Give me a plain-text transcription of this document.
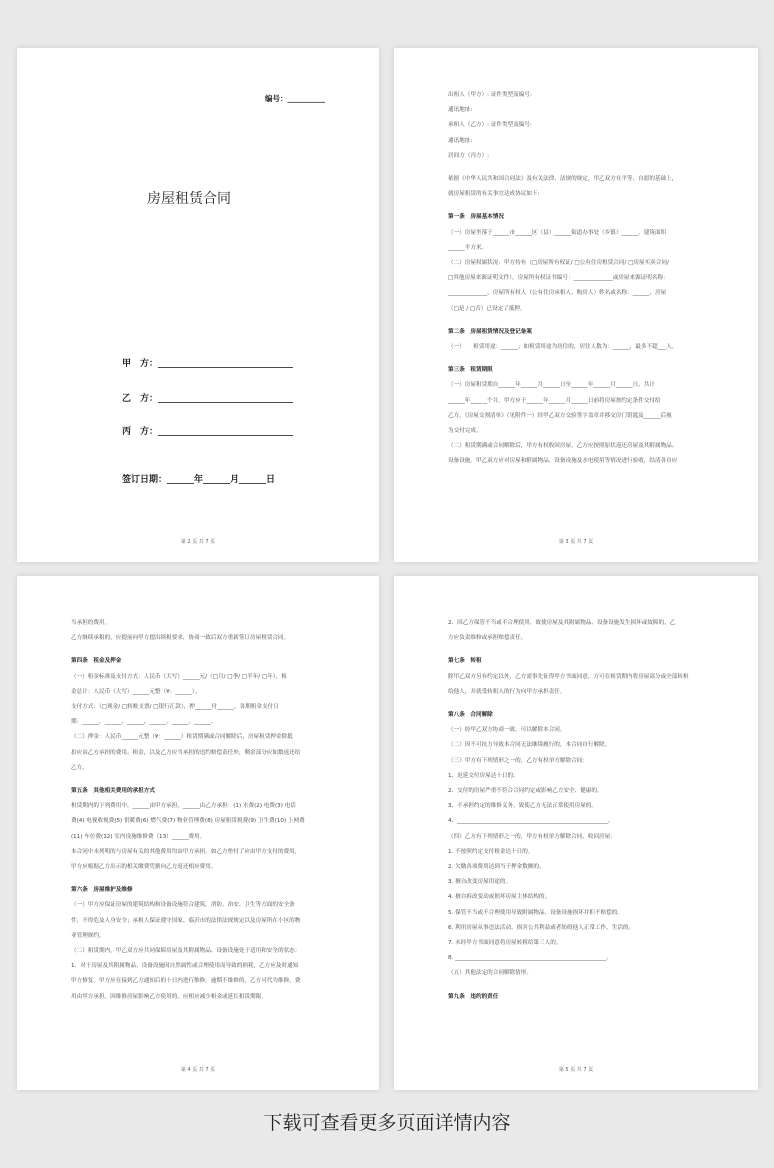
编号：__________
房屋租赁合同
甲　方：______________________________
乙　方：______________________________
丙　方：______________________________
签订日期：______年______月______日
第 2 页 共 7 页

出租人（甲方）: 证件类型及编号:

通讯地址:

承租人（乙方）: 证件类型及编号:

通讯地址:

居间方（丙方）:

依据《中华人民共和国合同法》及有关法律、法规的规定，甲乙双方在平等、自愿的基础上，

就房屋租赁的有关事宜达成协议如下:

第一条　房屋基本情况

（一）房屋坐落于______市______区（县）______街道办事处（乡镇）______，建筑面积

______平方米。

（二）房屋权属状况：甲方持有（□房屋所有权证/ □公有住房租赁合同/ □房屋买卖合同/

□其他房屋来源证明文件），房屋所有权证书编号：______________或房屋来源证明名称：

______________，房屋所有权人（公有住房承租人、购房人）姓名或名称：______，房屋

（□是 / □否）已设定了抵押。

第二条　房屋租赁情况及登记备案

（一）　　租赁用途：______；如租赁用途为居住的，居住人数为：______，最多不超___人。

第三条　租赁期限

（一）房屋租赁期自______年______月______日至______年______月______日，共计

______年______个月。甲方应于______年______月______日前将房屋按约定条件交付给

乙方。《房屋交割清单》（见附件一）经甲乙双方交验签字盖章并移交房门钥匙及______后视

为交付完成。

（二）租赁期满或合同解除后，甲方有权收回房屋，乙方应按照原状返还房屋及其附属物品、

设备设施。甲乙双方应对房屋和附属物品、设备设施及水电使用等情况进行验收，结清各自应

第 3 页 共 7 页

当承担的费用。

乙方继续承租的，应提前向甲方提出续租要求，协商一致后双方重新签订房屋租赁合同。

第四条　租金及押金

（一）租金标准及支付方式：人民币（大写）______元/（□月/ □季/ □半年/ □年），租

金总计：人民币（大写）______元整（¥：______）。

支付方式：（□现金/ □转账支票/ □银行汇款），押______付______，各期租金支付日

期：______，______，______，______，______，______。

（二）押金：人民币______元整（¥：______）租赁期满或合同解除后，房屋租赁押金除抵

扣应由乙方承担的费用、租金，以及乙方应当承担的违约赔偿责任外，剩余部分应如数返还给

乙方。

第五条　其他相关费用的承担方式

租赁期内的下列费用中，______由甲方承担，______由乙方承担：(1) 水费(2) 电费(3) 电话

费(4) 电视收视费(5) 供暖费(6) 燃气费(7) 物业管理费(8) 房屋租赁税费(9) 卫生费(10) 上网费

(11) 车位费(12) 室内设施维修费（13）______费用。

本合同中未列明的与房屋有关的其他费用均由甲方承担。如乙方垫付了应由甲方支付的费用，

甲方应根据乙方出示的相关缴费凭据向乙方返还相应费用。

第六条　房屋维护及维修

（一）甲方应保证房屋的建筑结构和设备设施符合建筑、消防、治安、卫生等方面的安全条

件，不得危及人身安全；承租人保证遵守国家、临沂市的法律法规规定以及房屋所在小区的物

业管理规约。

（二）租赁期内，甲乙双方应共同保障房屋及其附属物品、设备设施处于适用和安全的状态：

1、对于房屋及其附属物品、设备设施因自然属性或合理使用而导致的损耗，乙方应及时通知

甲方修复。甲方应在接到乙方通知后的十日内进行维修。逾期不维修的，乙方可代为维修，费

用由甲方承担。因维修房屋影响乙方使用的，应相应减少租金或延长租赁期限。

第 4 页 共 7 页

2、因乙方保管不当或不合理使用，致使房屋及其附属物品、设备设施发生损坏或故障的，乙

方应负责维修或承担赔偿责任。

第七条　转租

除甲乙双方另有约定以外，乙方需事先征得甲方书面同意，方可在租赁期内将房屋部分或全部转租

给他人，并就受转租人的行为向甲方承担责任。

第八条　合同解除

（一）经甲乙双方协商一致，可以解除本合同。

（二）因不可抗力导致本合同无法继续履行的，本合同自行解除。

（三）甲方有下列情形之一的，乙方有权单方解除合同：

1、迟延交付房屋达十日的。

2、交付的房屋严重不符合合同约定或影响乙方安全、健康的。

3、不承担约定的维修义务，致使乙方无法正常使用房屋的。

4、______________________________________________________。

（四）乙方有下列情形之一的，甲方有权单方解除合同，收回房屋：

1. 不按照约定支付租金达十日的。

2. 欠缴各项费用达到当于押金数额的。

3. 擅自改变房屋用途的。

4. 擅自拆改变动或损坏房屋主体结构的。

5. 保管不当或不合理使用导致附属物品、设备设施损坏并拒不赔偿的。

6. 利用房屋从事违法活动、损害公共利益或者妨碍他人正常工作、生活的。

7. 未经甲方书面同意将房屋转租给第三人的。

8. ______________________________________________________。

（五）其他法定的合同解除情形。

第九条　违约的责任

第 5 页 共 7 页
下载可查看更多页面详情内容
